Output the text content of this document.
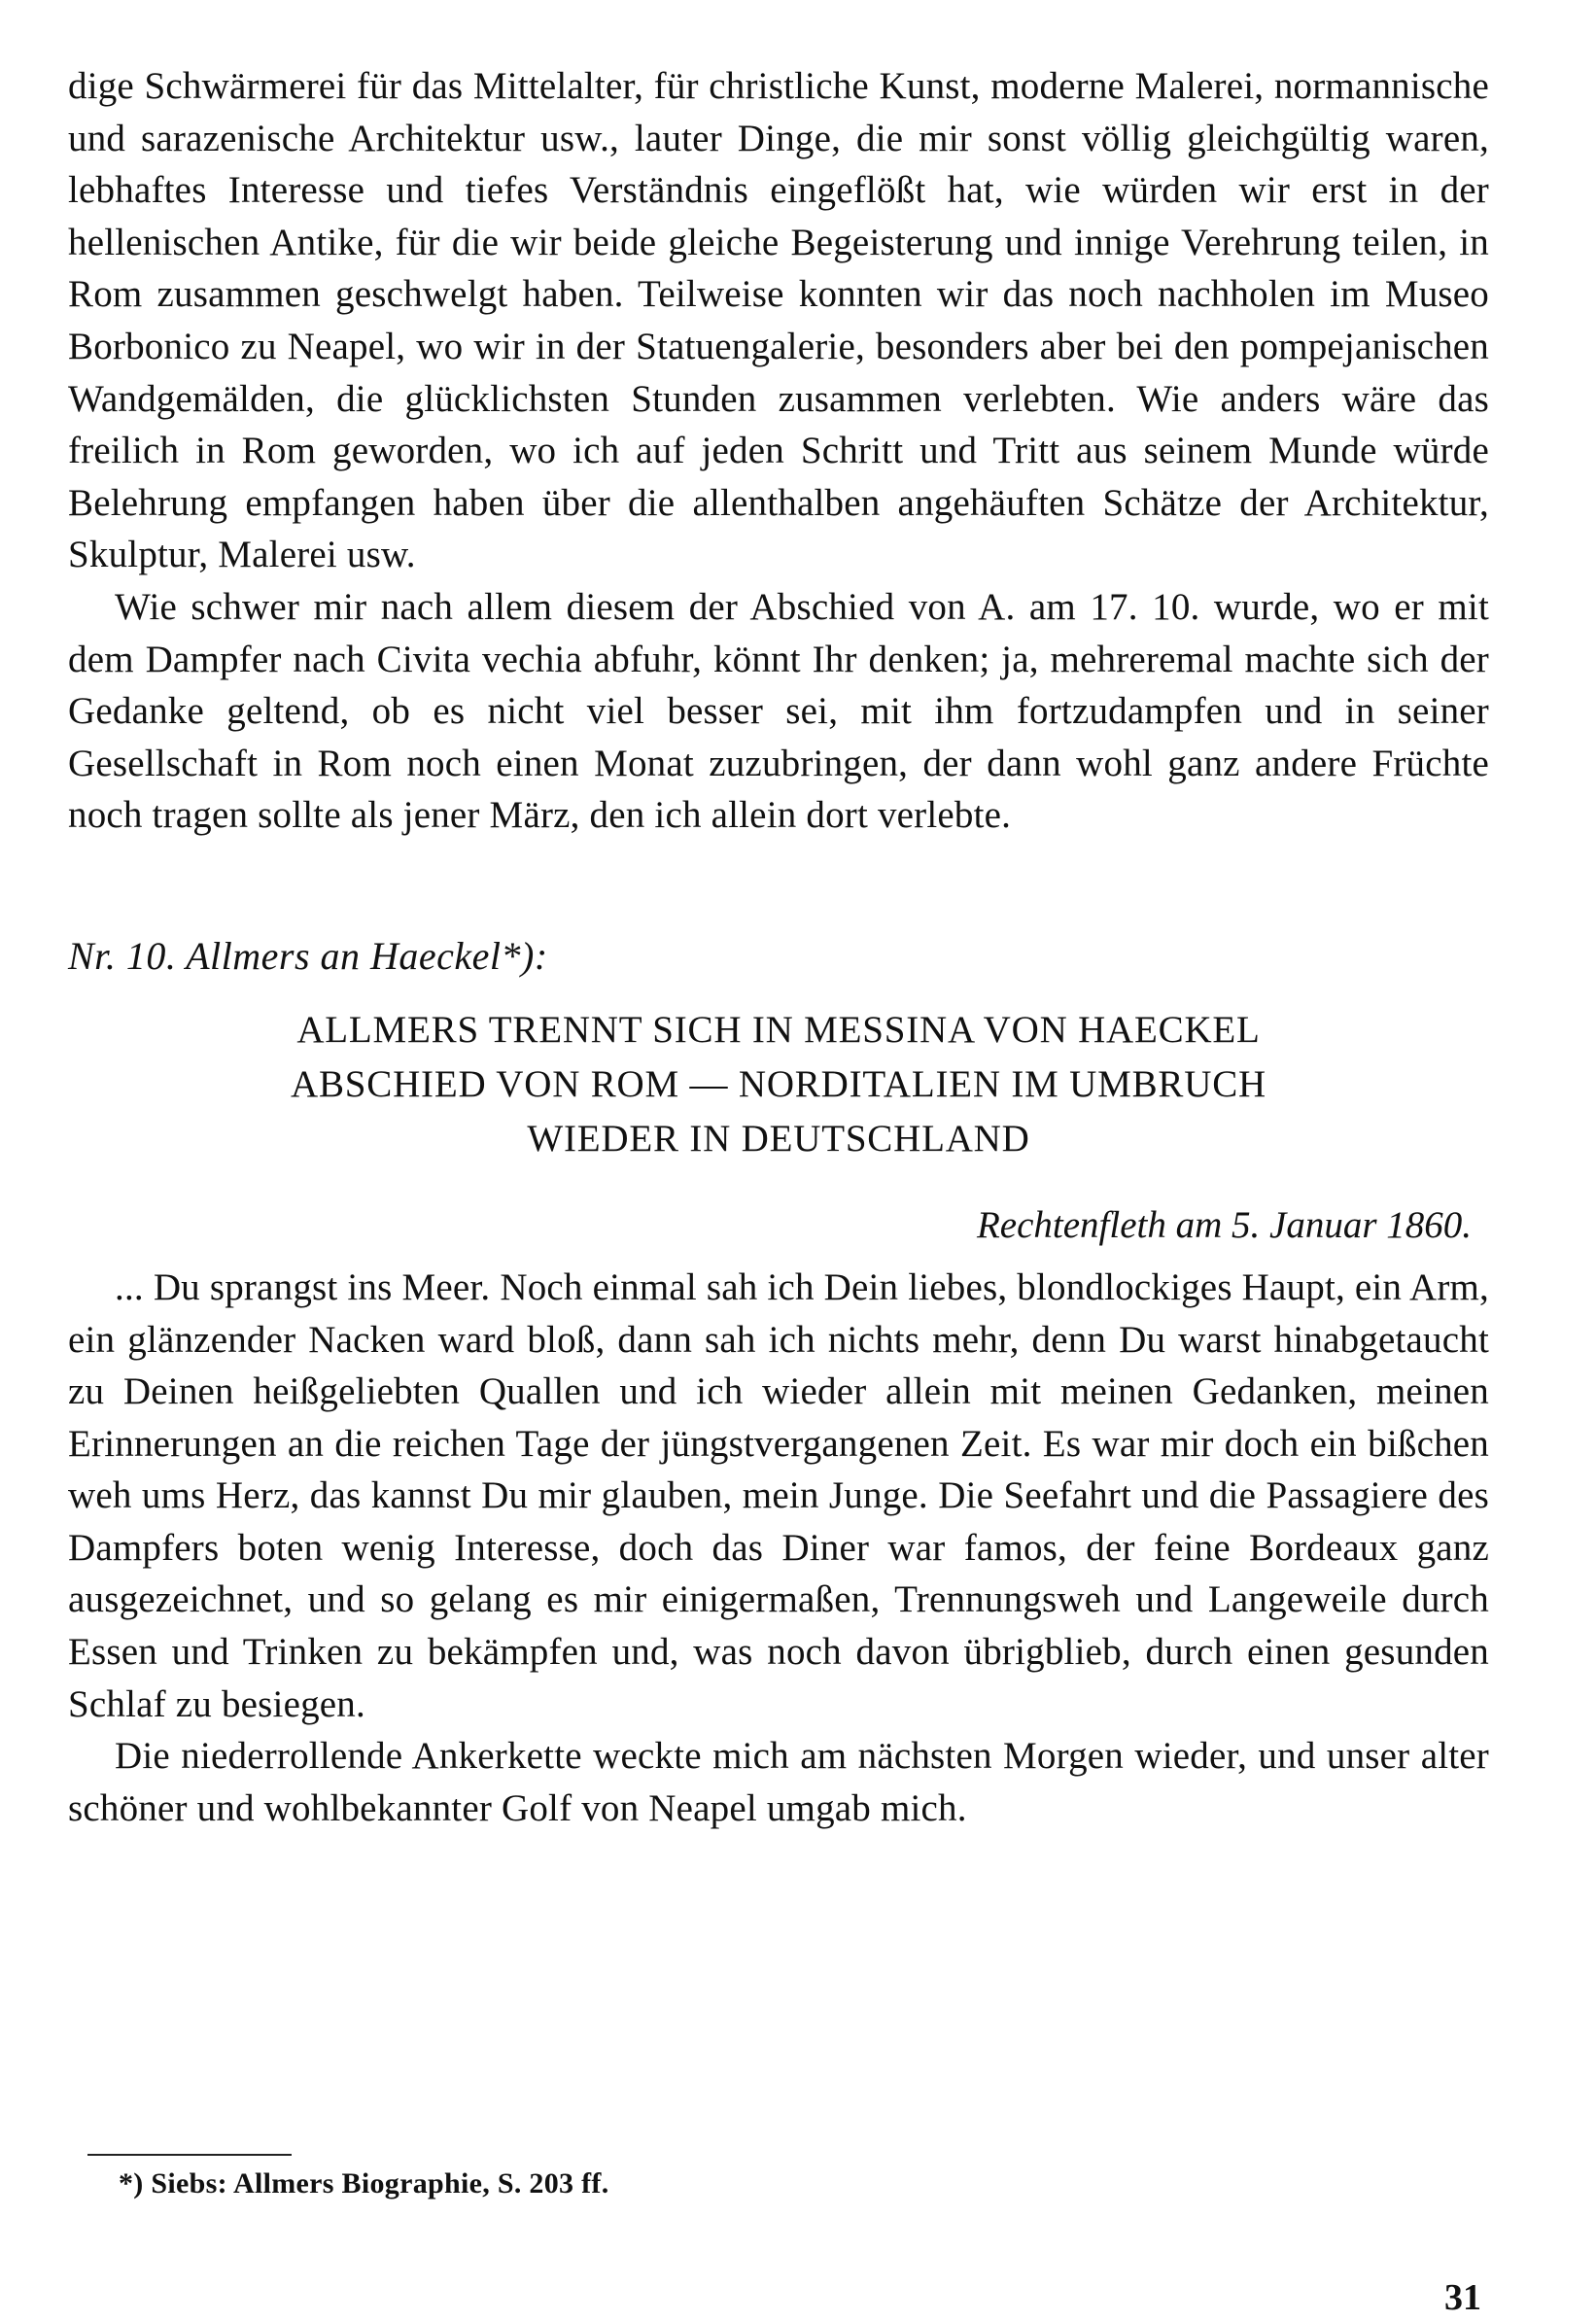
dige Schwärmerei für das Mittelalter, für christliche Kunst, moderne Malerei, normannische und sarazenische Architektur usw., lauter Dinge, die mir sonst völlig gleichgültig waren, lebhaftes Interesse und tiefes Verständnis eingeflößt hat, wie würden wir erst in der hellenischen Antike, für die wir beide gleiche Begeisterung und innige Verehrung teilen, in Rom zusammen geschwelgt haben. Teilweise konnten wir das noch nachholen im Museo Borbonico zu Neapel, wo wir in der Statuengalerie, besonders aber bei den pompejanischen Wandgemälden, die glücklichsten Stunden zusammen verlebten. Wie anders wäre das freilich in Rom geworden, wo ich auf jeden Schritt und Tritt aus seinem Munde würde Belehrung empfangen haben über die allenthalben angehäuften Schätze der Architektur, Skulptur, Malerei usw.

Wie schwer mir nach allem diesem der Abschied von A. am 17. 10. wurde, wo er mit dem Dampfer nach Civita vechia abfuhr, könnt Ihr denken; ja, mehreremal machte sich der Gedanke geltend, ob es nicht viel besser sei, mit ihm fortzudampfen und in seiner Gesellschaft in Rom noch einen Monat zuzubringen, der dann wohl ganz andere Früchte noch tragen sollte als jener März, den ich allein dort verlebte.

Nr. 10. Allmers an Haeckel*):
ALLMERS TRENNT SICH IN MESSINA VON HAECKEL
ABSCHIED VON ROM — NORDITALIEN IM UMBRUCH
WIEDER IN DEUTSCHLAND
Rechtenfleth am 5. Januar 1860.

... Du sprangst ins Meer. Noch einmal sah ich Dein liebes, blondlockiges Haupt, ein Arm, ein glänzender Nacken ward bloß, dann sah ich nichts mehr, denn Du warst hinabgetaucht zu Deinen heißgeliebten Quallen und ich wieder allein mit meinen Gedanken, meinen Erinnerungen an die reichen Tage der jüngstvergangenen Zeit. Es war mir doch ein bißchen weh ums Herz, das kannst Du mir glauben, mein Junge. Die Seefahrt und die Passagiere des Dampfers boten wenig Interesse, doch das Diner war famos, der feine Bordeaux ganz ausgezeichnet, und so gelang es mir einigermaßen, Trennungsweh und Langeweile durch Essen und Trinken zu bekämpfen und, was noch davon übrigblieb, durch einen gesunden Schlaf zu besiegen.

Die niederrollende Ankerkette weckte mich am nächsten Morgen wieder, und unser alter schöner und wohlbekannter Golf von Neapel umgab mich.

*) Siebs: Allmers Biographie, S. 203 ff.
31
